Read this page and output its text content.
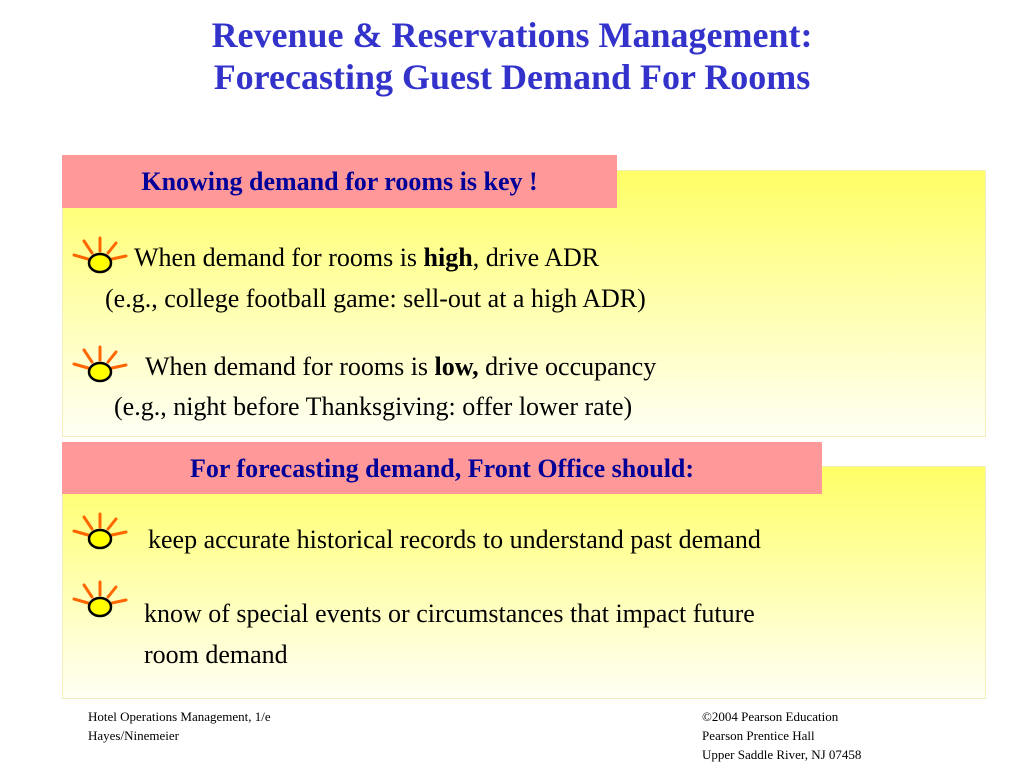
Revenue & Reservations Management:
Forecasting Guest Demand For Rooms
Knowing demand for rooms is key !
When demand for rooms is high, drive ADR
(e.g., college football game: sell-out at a high ADR)
When demand for rooms is low, drive occupancy
(e.g., night before Thanksgiving: offer lower rate)
For forecasting demand, Front Office should:
keep accurate historical records to understand past demand
know of special events or circumstances that impact future
room demand
Hotel Operations Management, 1/e
Hayes/Ninemeier
©2004 Pearson Education
Pearson Prentice Hall
Upper Saddle River, NJ 07458
